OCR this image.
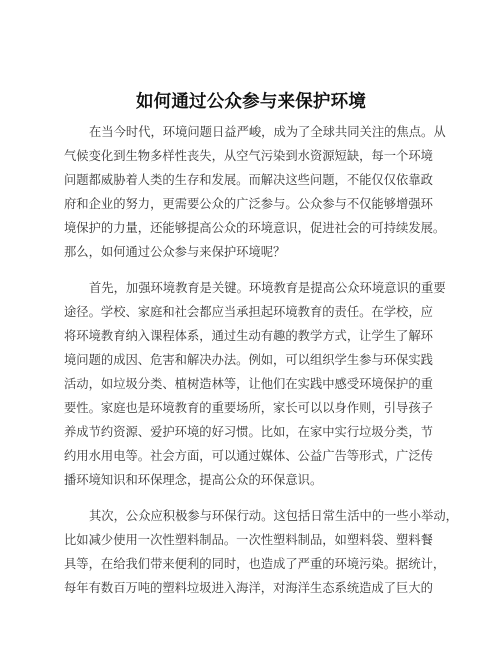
如何通过公众参与来保护环境
在当今时代，环境问题日益严峻，成为了全球共同关注的焦点。从
气候变化到生物多样性丧失，从空气污染到水资源短缺，每一个环境
问题都威胁着人类的生存和发展。而解决这些问题，不能仅仅依靠政
府和企业的努力，更需要公众的广泛参与。公众参与不仅能够增强环
境保护的力量，还能够提高公众的环境意识，促进社会的可持续发展。
那么，如何通过公众参与来保护环境呢？
首先，加强环境教育是关键。环境教育是提高公众环境意识的重要
途径。学校、家庭和社会都应当承担起环境教育的责任。在学校，应
将环境教育纳入课程体系，通过生动有趣的教学方式，让学生了解环
境问题的成因、危害和解决办法。例如，可以组织学生参与环保实践
活动，如垃圾分类、植树造林等，让他们在实践中感受环境保护的重
要性。家庭也是环境教育的重要场所，家长可以以身作则，引导孩子
养成节约资源、爱护环境的好习惯。比如，在家中实行垃圾分类，节
约用水用电等。社会方面，可以通过媒体、公益广告等形式，广泛传
播环境知识和环保理念，提高公众的环保意识。
其次，公众应积极参与环保行动。这包括日常生活中的一些小举动，
比如减少使用一次性塑料制品。一次性塑料制品，如塑料袋、塑料餐
具等，在给我们带来便利的同时，也造成了严重的环境污染。据统计，
每年有数百万吨的塑料垃圾进入海洋，对海洋生态系统造成了巨大的
